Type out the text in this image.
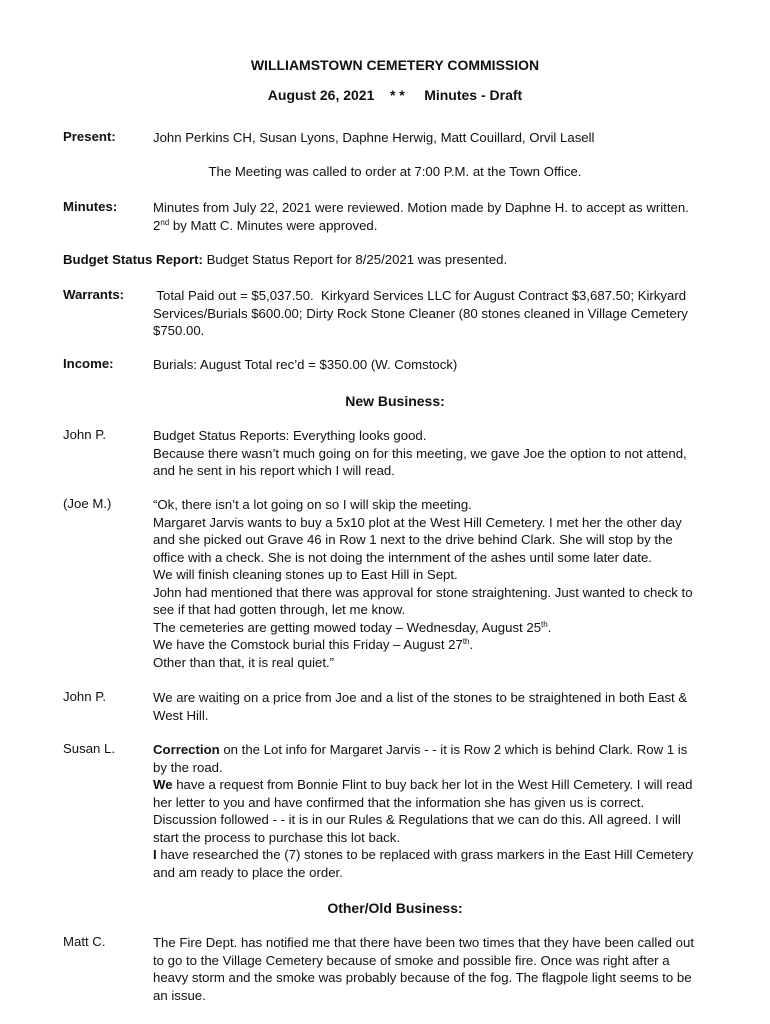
WILLIAMSTOWN CEMETERY COMMISSION
August 26, 2021 * * Minutes - Draft
Present:	John Perkins CH, Susan Lyons, Daphne Herwig, Matt Couillard, Orvil Lasell
The Meeting was called to order at 7:00 P.M. at the Town Office.
Minutes:	Minutes from July 22, 2021 were reviewed. Motion made by Daphne H. to accept as written.
2nd by Matt C. Minutes were approved.
Budget Status Report: Budget Status Report for 8/25/2021 was presented.
Warrants:	Total Paid out = $5,037.50.  Kirkyard Services LLC for August Contract $3,687.50; Kirkyard
Services/Burials $600.00; Dirty Rock Stone Cleaner (80 stones cleaned in Village Cemetery
$750.00.
Income:	Burials: August Total rec’d = $350.00 (W. Comstock)
New Business:
John P.	Budget Status Reports: Everything looks good.
Because there wasn’t much going on for this meeting, we gave Joe the option to not attend,
and he sent in his report which I will read.
(Joe M.)	“Ok, there isn’t a lot going on so I will skip the meeting.
Margaret Jarvis wants to buy a 5x10 plot at the West Hill Cemetery. I met her the other day
and she picked out Grave 46 in Row 1 next to the drive behind Clark. She will stop by the
office with a check. She is not doing the internment of the ashes until some later date.
We will finish cleaning stones up to East Hill in Sept.
John had mentioned that there was approval for stone straightening. Just wanted to check to
see if that had gotten through, let me know.
The cemeteries are getting mowed today – Wednesday, August 25th.
We have the Comstock burial this Friday – August 27th.
Other than that, it is real quiet.”
John P.	We are waiting on a price from Joe and a list of the stones to be straightened in both East &
West Hill.
Susan L.	Correction on the Lot info for Margaret Jarvis - - it is Row 2 which is behind Clark. Row 1 is
by the road.
We have a request from Bonnie Flint to buy back her lot in the West Hill Cemetery. I will read
her letter to you and have confirmed that the information she has given us is correct.
Discussion followed - - it is in our Rules & Regulations that we can do this. All agreed. I will
start the process to purchase this lot back.
I have researched the (7) stones to be replaced with grass markers in the East Hill Cemetery
and am ready to place the order.
Other/Old Business:
Matt C.	The Fire Dept. has notified me that there have been two times that they have been called out
to go to the Village Cemetery because of smoke and possible fire. Once was right after a
heavy storm and the smoke was probably because of the fog. The flagpole light seems to be
an issue.
